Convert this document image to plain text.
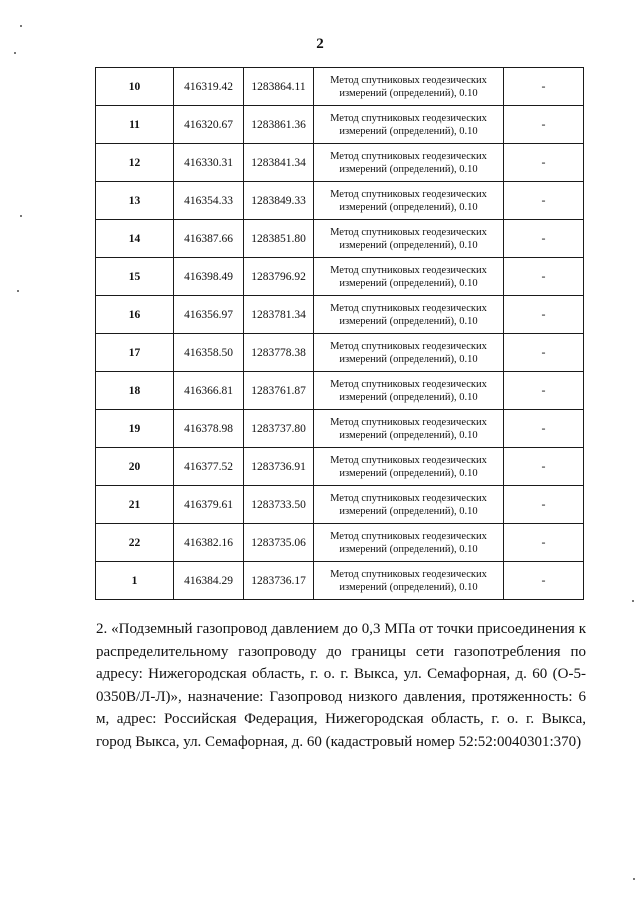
2
10	416319.42	1283864.11	Метод спутниковых геодезических
измерений (определений), 0.10	-
11	416320.67	1283861.36	Метод спутниковых геодезических
измерений (определений), 0.10	-
12	416330.31	1283841.34	Метод спутниковых геодезических
измерений (определений), 0.10	-
13	416354.33	1283849.33	Метод спутниковых геодезических
измерений (определений), 0.10	-
14	416387.66	1283851.80	Метод спутниковых геодезических
измерений (определений), 0.10	-
15	416398.49	1283796.92	Метод спутниковых геодезических
измерений (определений), 0.10	-
16	416356.97	1283781.34	Метод спутниковых геодезических
измерений (определений), 0.10	-
17	416358.50	1283778.38	Метод спутниковых геодезических
измерений (определений), 0.10	-
18	416366.81	1283761.87	Метод спутниковых геодезических
измерений (определений), 0.10	-
19	416378.98	1283737.80	Метод спутниковых геодезических
измерений (определений), 0.10	-
20	416377.52	1283736.91	Метод спутниковых геодезических
измерений (определений), 0.10	-
21	416379.61	1283733.50	Метод спутниковых геодезических
измерений (определений), 0.10	-
22	416382.16	1283735.06	Метод спутниковых геодезических
измерений (определений), 0.10	-
1	416384.29	1283736.17	Метод спутниковых геодезических
измерений (определений), 0.10	-
2. «Подземный газопровод давлением до 0,3 МПа от точки присоединения к распределительному газопроводу до границы сети газопотребления по адресу: Нижегородская область, г. о. г. Выкса, ул. Семафорная, д. 60 (О-5-0350В/Л-Л)», назначение: Газопровод низкого давления, протяженность: 6 м, адрес: Российская Федерация, Нижегородская область, г. о. г. Выкса, город Выкса, ул. Семафорная, д. 60 (кадастровый номер 52:52:0040301:370)
